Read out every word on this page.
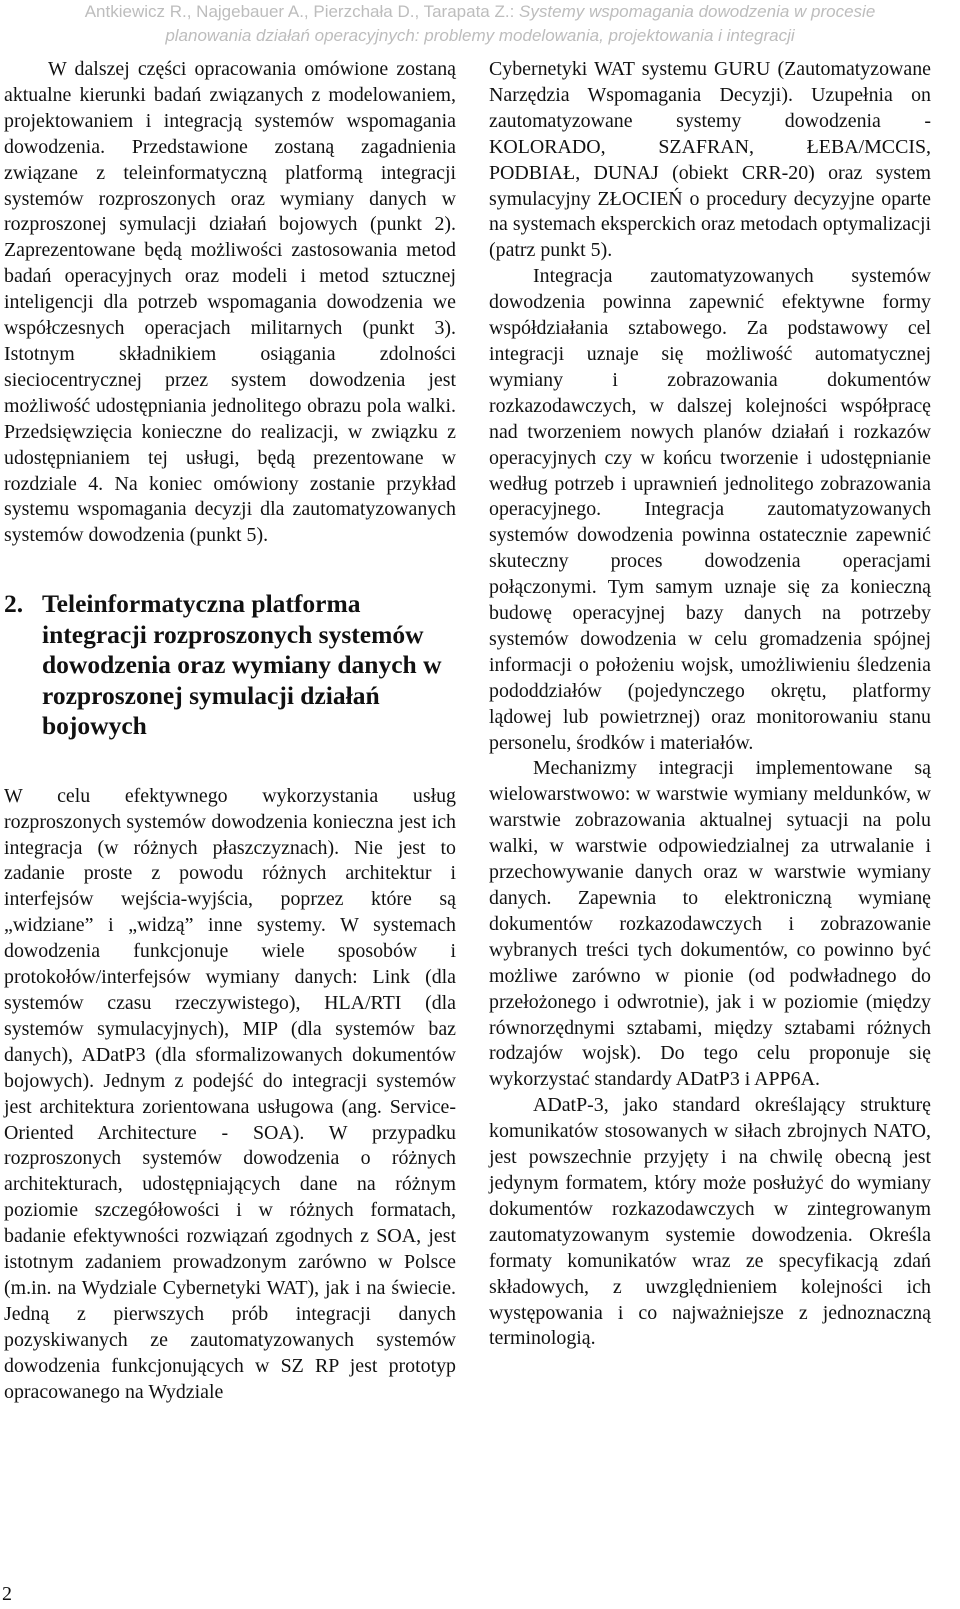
Antkiewicz R., Najgebauer A., Pierzchała D., Tarapata Z.: Systemy wspomagania dowodzenia w procesie
planowania działań operacyjnych: problemy modelowania, projektowania i integracji

W dalszej części opracowania omówione zostaną aktualne kierunki badań związanych z modelowaniem, projektowaniem i integracją systemów wspomagania dowodzenia. Przedstawione zostaną zagadnienia związane z teleinformatyczną platformą integracji systemów rozproszonych oraz wymiany danych w rozproszonej symulacji działań bojowych (punkt 2). Zaprezentowane będą możliwości zastosowania metod badań operacyjnych oraz modeli i metod sztucznej inteligencji dla potrzeb wspomagania dowodzenia we współczesnych operacjach militarnych (punkt 3). Istotnym składnikiem osiągania zdolności sieciocentrycznej przez system dowodzenia jest możliwość udostępniania jednolitego obrazu pola walki. Przedsięwzięcia konieczne do realizacji, w związku z udostępnianiem tej usługi, będą prezentowane w rozdziale 4. Na koniec omówiony zostanie przykład systemu wspomagania decyzji dla zautomatyzowanych systemów dowodzenia (punkt 5).

2. Teleinformatyczna platforma integracji rozproszonych systemów dowodzenia oraz wymiany danych w rozproszonej symulacji działań bojowych

W celu efektywnego wykorzystania usług rozproszonych systemów dowodzenia konieczna jest ich integracja (w różnych płaszczyznach). Nie jest to zadanie proste z powodu różnych architektur i interfejsów wejścia-wyjścia, poprzez które są „widziane” i „widzą” inne systemy. W systemach dowodzenia funkcjonuje wiele sposobów i protokołów/interfejsów wymiany danych: Link (dla systemów czasu rzeczywistego), HLA/RTI (dla systemów symulacyjnych), MIP (dla systemów baz danych), ADatP3 (dla sformalizowanych dokumentów bojowych). Jednym z podejść do integracji systemów jest architektura zorientowana usługowa (ang. Service-Oriented Architecture - SOA). W przypadku rozproszonych systemów dowodzenia o różnych architekturach, udostępniających dane na różnym poziomie szczegółowości i w różnych formatach, badanie efektywności rozwiązań zgodnych z SOA, jest istotnym zadaniem prowadzonym zarówno w Polsce (m.in. na Wydziale Cybernetyki WAT), jak i na świecie. Jedną z pierwszych prób integracji danych pozyskiwanych ze zautomatyzowanych systemów dowodzenia funkcjonujących w SZ RP jest prototyp opracowanego na Wydziale

Cybernetyki WAT systemu GURU (Zautomatyzowane Narzędzia Wspomagania Decyzji). Uzupełnia on zautomatyzowane systemy dowodzenia - KOLORADO, SZAFRAN, ŁEBA/MCCIS, PODBIAŁ, DUNAJ (obiekt CRR-20) oraz system symulacyjny ZŁOCIEŃ o procedury decyzyjne oparte na systemach eksperckich oraz metodach optymalizacji (patrz punkt 5).

Integracja zautomatyzowanych systemów dowodzenia powinna zapewnić efektywne formy współdziałania sztabowego. Za podstawowy cel integracji uznaje się możliwość automatycznej wymiany i zobrazowania dokumentów rozkazodawczych, w dalszej kolejności współpracę nad tworzeniem nowych planów działań i rozkazów operacyjnych czy w końcu tworzenie i udostępnianie według potrzeb i uprawnień jednolitego zobrazowania operacyjnego. Integracja zautomatyzowanych systemów dowodzenia powinna ostatecznie zapewnić skuteczny proces dowodzenia operacjami połączonymi. Tym samym uznaje się za konieczną budowę operacyjnej bazy danych na potrzeby systemów dowodzenia w celu gromadzenia spójnej informacji o położeniu wojsk, umożliwieniu śledzenia pododdziałów (pojedynczego okrętu, platformy lądowej lub powietrznej) oraz monitorowaniu stanu personelu, środków i materiałów.

Mechanizmy integracji implementowane są wielowarstwowo: w warstwie wymiany meldunków, w warstwie zobrazowania aktualnej sytuacji na polu walki, w warstwie odpowiedzialnej za utrwalanie i przechowywanie danych oraz w warstwie wymiany danych. Zapewnia to elektroniczną wymianę dokumentów rozkazodawczych i zobrazowanie wybranych treści tych dokumentów, co powinno być możliwe zarówno w pionie (od podwładnego do przełożonego i odwrotnie), jak i w poziomie (między równorzędnymi sztabami, między sztabami różnych rodzajów wojsk). Do tego celu proponuje się wykorzystać standardy ADatP3 i APP6A.

ADatP-3, jako standard określający strukturę komunikatów stosowanych w siłach zbrojnych NATO, jest powszechnie przyjęty i na chwilę obecną jest jedynym formatem, który może posłużyć do wymiany dokumentów rozkazodawczych w zintegrowanym zautomatyzowanym systemie dowodzenia. Określa formaty komunikatów wraz ze specyfikacją zdań składowych, z uwzględnieniem kolejności ich występowania i co najważniejsze z jednoznaczną terminologią.

2
